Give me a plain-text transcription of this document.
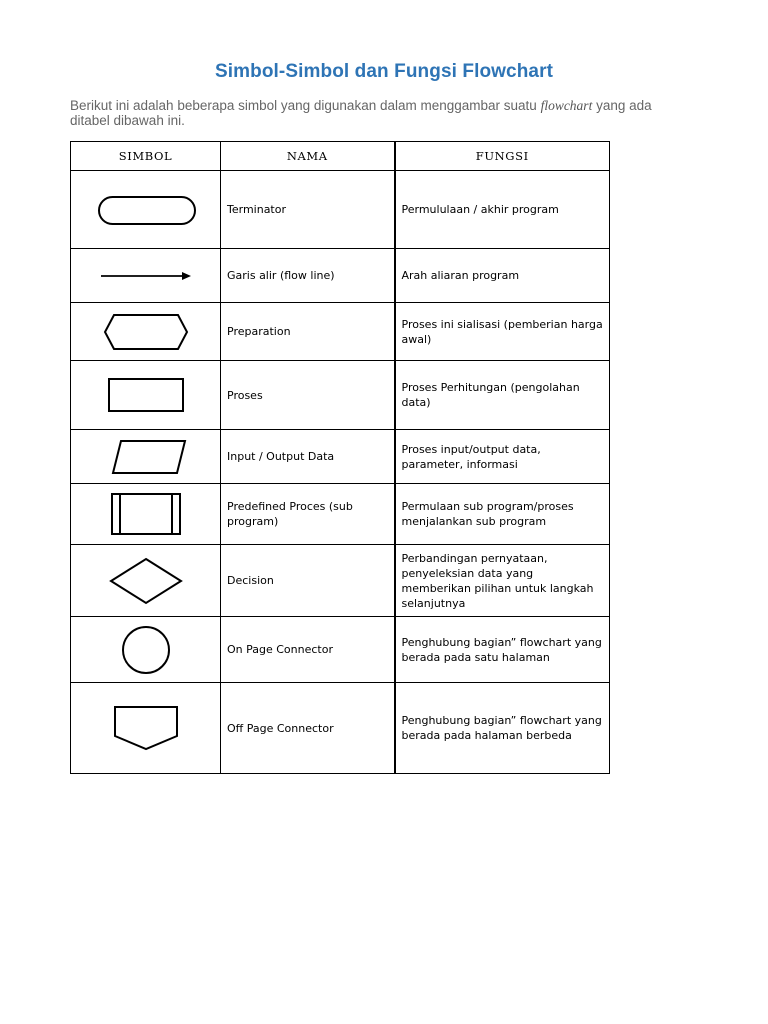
Simbol-Simbol dan Fungsi Flowchart
Berikut ini adalah beberapa simbol yang digunakan dalam menggambar suatu flowchart yang ada ditabel dibawah ini.
SIMBOL	NAMA	FUNGSI

	Terminator	Permululaan / akhir program

	Garis alir (flow line)	Arah aliaran program

	Preparation	Proses ini sialisasi (pemberian harga awal)

	Proses	Proses Perhitungan (pengolahan data)

	Input / Output Data	Proses input/output data, parameter, informasi

	Predefined Proces (sub program)	Permulaan sub program/proses menjalankan sub program

	Decision	Perbandingan pernyataan, penyeleksian data yang memberikan pilihan untuk langkah selanjutnya

	On Page Connector	Penghubung bagian” flowchart yang berada pada satu halaman

	Off Page Connector	Penghubung bagian” flowchart yang berada pada halaman berbeda
